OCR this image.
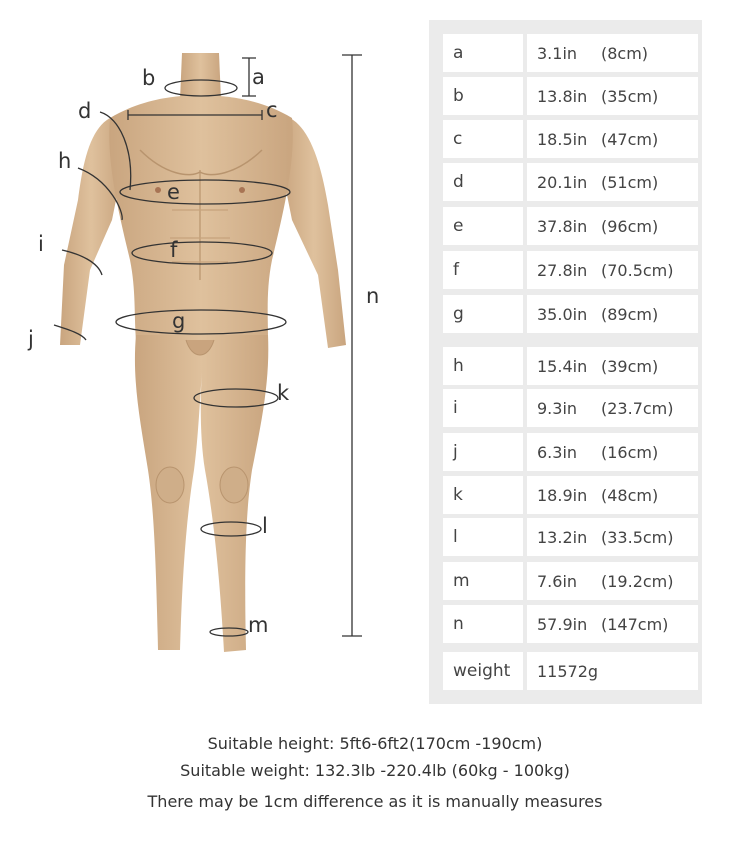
a
b
c
d
e
f
g
h
i
j
k
l
m
n
a	3.1in	(8cm)
b	13.8in (35cm)
c	18.5in (47cm)
d	20.1in (51cm)
e	37.8in (96cm)
f	27.8in (70.5cm)
g	35.0in (89cm)
h	15.4in (39cm)
i	9.3in	(23.7cm)
j	6.3in	(16cm)
k	18.9in (48cm)
l	13.2in (33.5cm)
m	7.6in	(19.2cm)
n	57.9in (147cm)
weight	11572g
Suitable height: 5ft6-6ft2(170cm -190cm)
Suitable weight: 132.3lb -220.4lb (60kg - 100kg)
There may be 1cm difference as it is manually measures
